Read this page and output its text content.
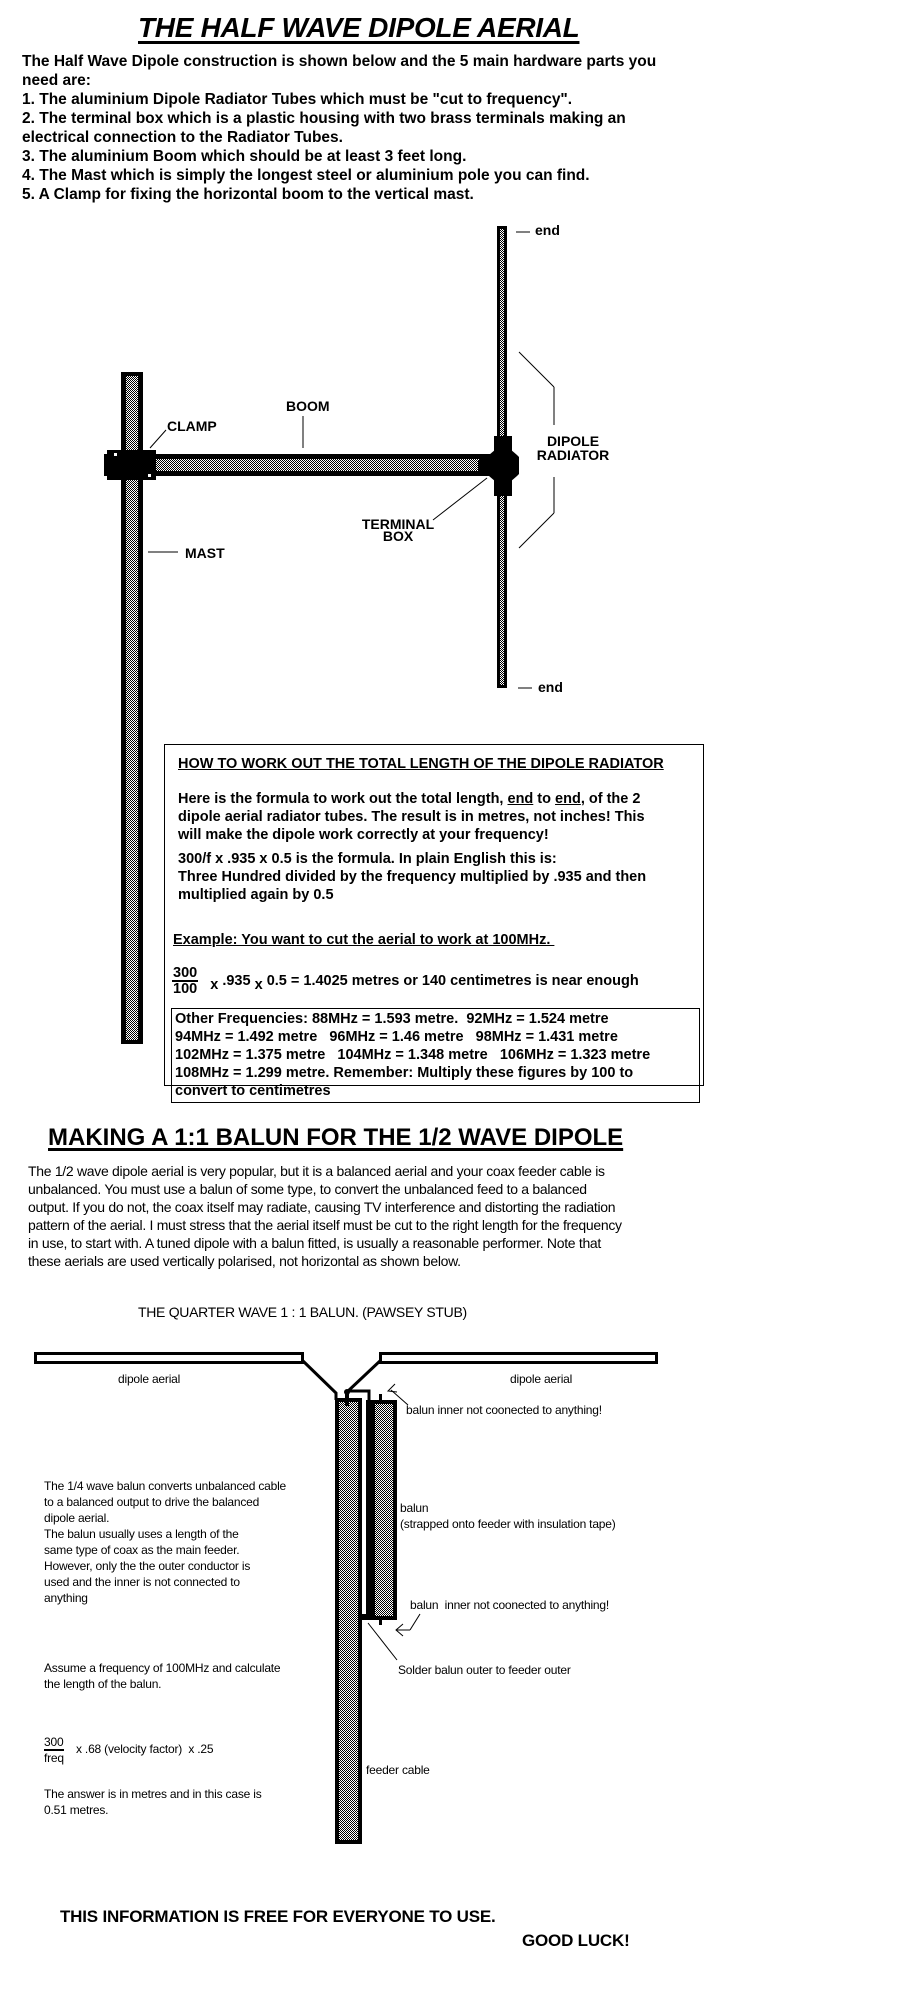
THE HALF WAVE DIPOLE AERIAL
The Half Wave Dipole construction is shown below and the 5 main hardware parts you
need are:
1. The aluminium Dipole Radiator Tubes which must be "cut to frequency".
2. The terminal box which is a plastic housing with two brass terminals making an
electrical connection to the Radiator Tubes.
3. The aluminium Boom which should be at least 3 feet long.
4. The Mast which is simply the longest steel or aluminium pole you can find.
5. A Clamp for fixing the horizontal boom to the vertical mast.
end
end
BOOM
CLAMP
MAST
DIPOLE
RADIATOR
TERMINAL
BOX
HOW TO WORK OUT THE TOTAL LENGTH OF THE DIPOLE RADIATOR
Here is the formula to work out the total length, end to end, of the 2
dipole aerial radiator tubes. The result is in metres, not inches! This
will make the dipole work correctly at your frequency!
300/f x .935 x 0.5 is the formula. In plain English this is:
Three Hundred divided by the frequency multiplied by .935 and then
multiplied again by 0.5
Example: You want to cut the aerial to work at 100MHz.
$\frac{300}{100}$ x .935 x 0.5 = 1.4025 metres or 140 centimetres is near enough
Other Frequencies: 88MHz = 1.593 metre.  92MHz = 1.524 metre
94MHz = 1.492 metre   96MHz = 1.46 metre   98MHz = 1.431 metre
102MHz = 1.375 metre   104MHz = 1.348 metre   106MHz = 1.323 metre
108MHz = 1.299 metre. Remember: Multiply these figures by 100 to
convert to centimetres
MAKING A 1:1 BALUN FOR THE 1/2 WAVE DIPOLE
The 1/2 wave dipole aerial is very popular, but it is a balanced aerial and your coax feeder cable is
unbalanced. You must use a balun of some type, to convert the unbalanced feed to a balanced
output. If you do not, the coax itself may radiate, causing TV interference and distorting the radiation
pattern of the aerial. I must stress that the aerial itself must be cut to the right length for the frequency
in use, to start with. A tuned dipole with a balun fitted, is usually a reasonable performer. Note that
these aerials are used vertically polarised, not horizontal as shown below.
THE QUARTER WAVE 1 : 1 BALUN. (PAWSEY STUB)
dipole aerial	dipole aerial
balun inner not coonected to anything!
balun
(strapped onto feeder with insulation tape)
balun  inner not coonected to anything!
Solder balun outer to feeder outer
feeder cable
The 1/4 wave balun converts unbalanced cable
to a balanced output to drive the balanced
dipole aerial.
The balun usually uses a length of the
same type of coax as the main feeder.
However, only the the outer conductor is
used and the inner is not connected to
anything
Assume a frequency of 100MHz and calculate
the length of the balun.
300
freq
x .68 (velocity factor)  x .25
The answer is in metres and in this case is
0.51 metres.
THIS INFORMATION IS FREE FOR EVERYONE TO USE.
GOOD LUCK!
